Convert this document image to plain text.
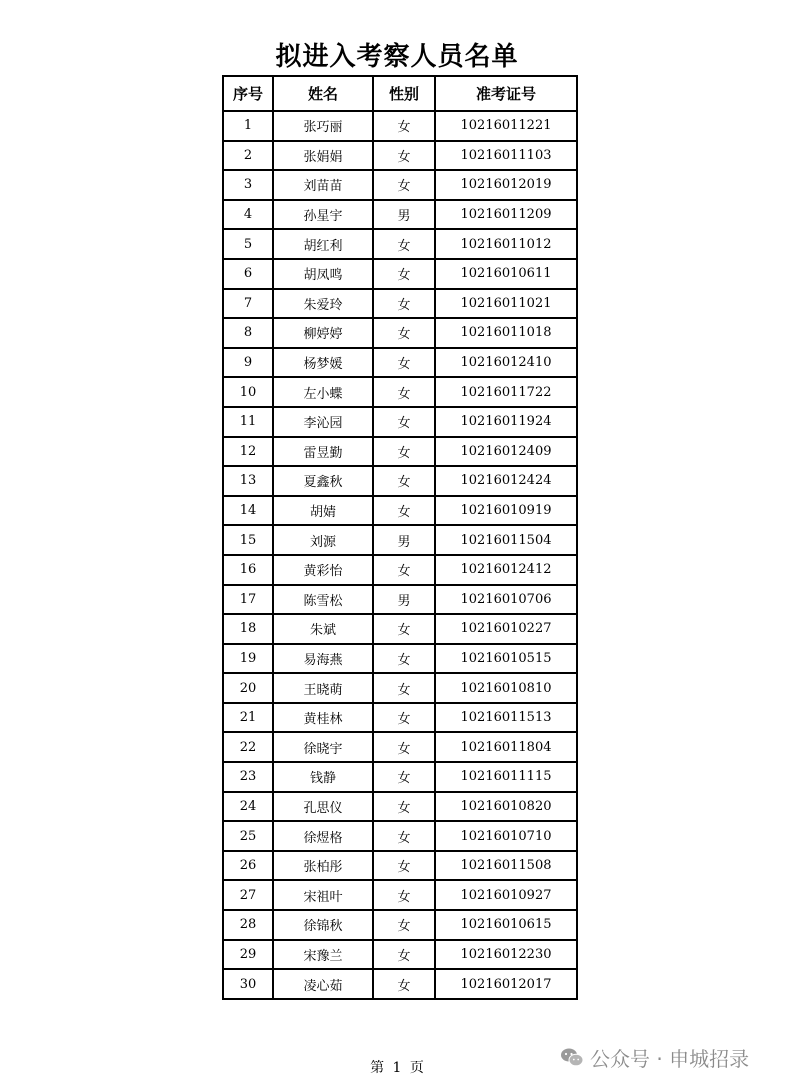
拟进入考察人员名单
序号	姓名	性别	准考证号
1	张巧丽	女	10216011221
2	张娟娟	女	10216011103
3	刘苗苗	女	10216012019
4	孙星宇	男	10216011209
5	胡红利	女	10216011012
6	胡凤鸣	女	10216010611
7	朱爱玲	女	10216011021
8	柳婷婷	女	10216011018
9	杨梦媛	女	10216012410
10	左小蝶	女	10216011722
11	李沁园	女	10216011924
12	雷昱勤	女	10216012409
13	夏鑫秋	女	10216012424
14	胡婧	女	10216010919
15	刘源	男	10216011504
16	黄彩怡	女	10216012412
17	陈雪松	男	10216010706
18	朱斌	女	10216010227
19	易海燕	女	10216010515
20	王晓萌	女	10216010810
21	黄桂林	女	10216011513
22	徐晓宇	女	10216011804
23	钱静	女	10216011115
24	孔思仪	女	10216010820
25	徐煜格	女	10216010710
26	张柏彤	女	10216011508
27	宋祖叶	女	10216010927
28	徐锦秋	女	10216010615
29	宋豫兰	女	10216012230
30	凌心茹	女	10216012017
第 1 页	公众号 · 申城招录
